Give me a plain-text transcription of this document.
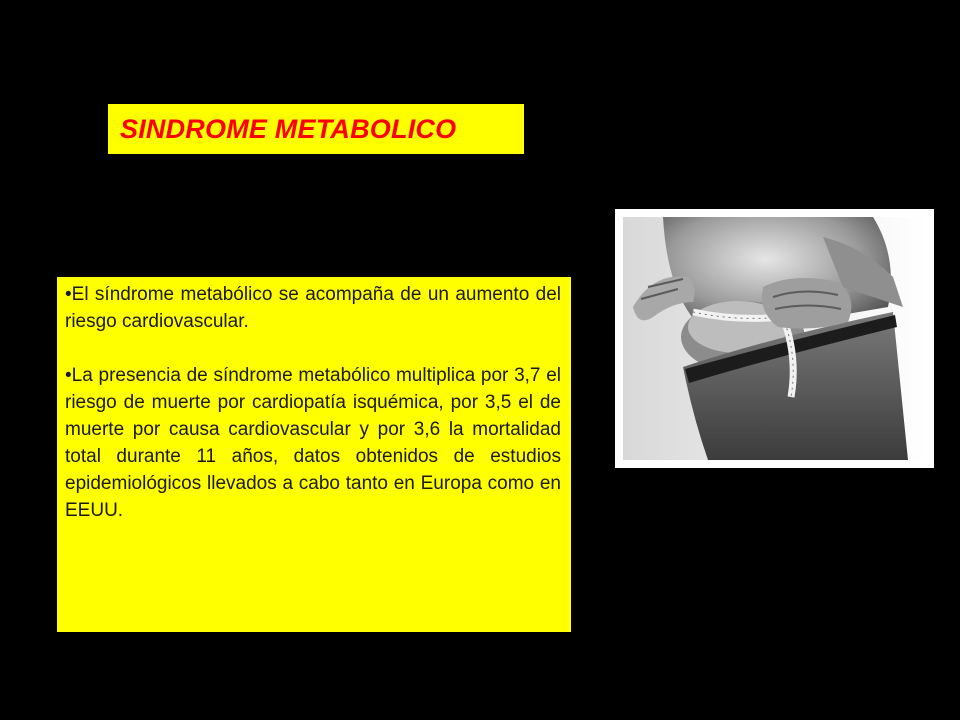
SINDROME METABOLICO

•El síndrome metabólico se acompaña de un aumento del riesgo cardiovascular.

•La presencia de síndrome metabólico multiplica por 3,7 el riesgo de muerte por cardiopatía isquémica, por 3,5 el de muerte por causa cardiovascular y por 3,6 la mortalidad total durante 11 años, datos obtenidos de estudios epidemiológicos llevados a cabo tanto en Europa como en EEUU.
